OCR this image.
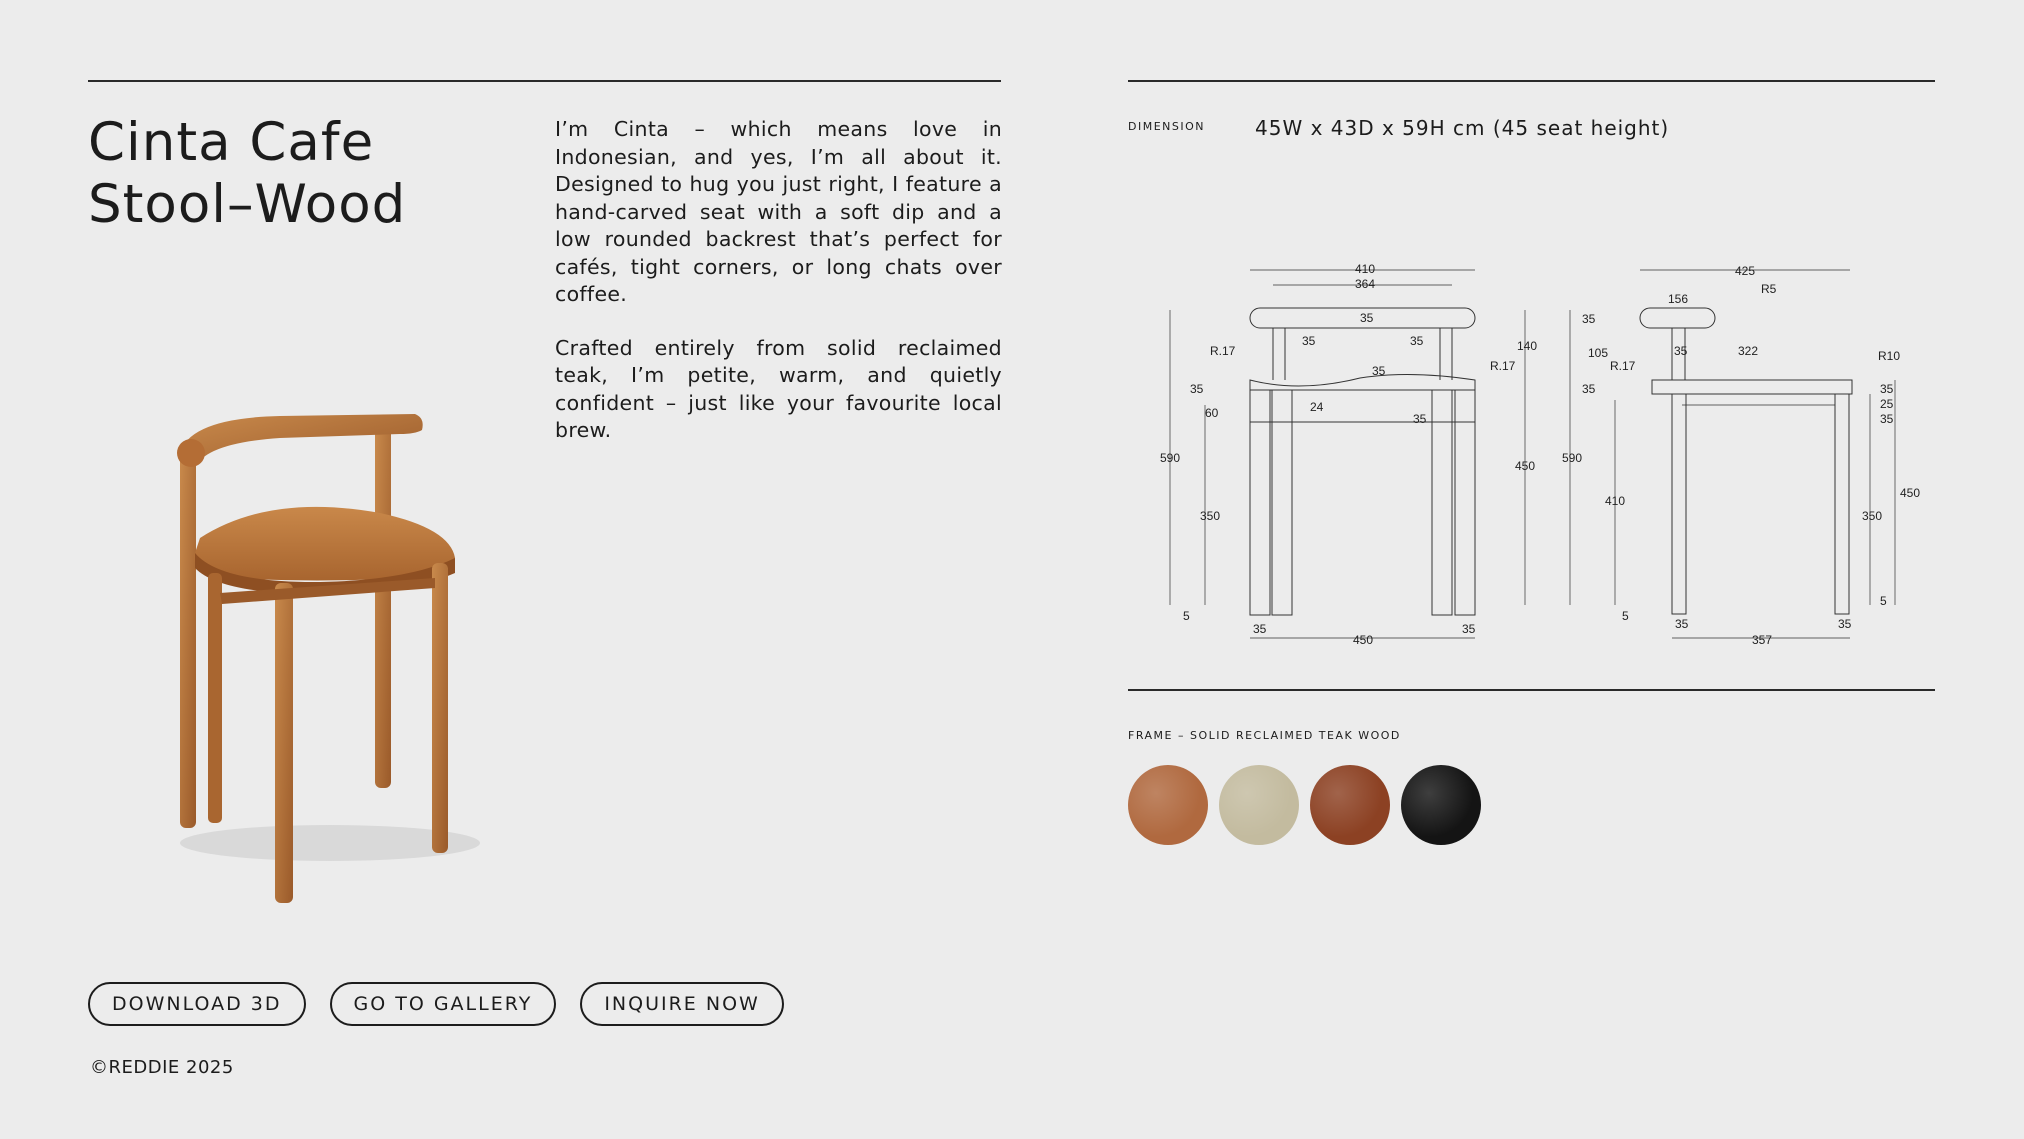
Cinta Cafe
Stool–Wood

I’m Cinta – which means love in Indonesian, and yes, I’m all about it. Designed to hug you just right, I feature a hand-carved seat with a soft dip and a low rounded backrest that’s perfect for cafés, tight corners, or long chats over coffee.

Crafted entirely from solid reclaimed teak, I’m petite, warm, and quietly confident – just like your favourite local brew.

DIMENSION	45W x 43D x 59H cm (45 seat height)
410
364
35
35	35
R.17
R.17
140
35
35
60	24
35
590
450
350
5
35	35
450
425
R5
156
35
105
R.17
35	322	R10
35	35
25
35
590
410
450
350
5
5
35	35
357
FRAME – SOLID RECLAIMED TEAK WOOD
DOWNLOAD 3D	GO TO GALLERY	INQUIRE NOW
©REDDIE 2025
